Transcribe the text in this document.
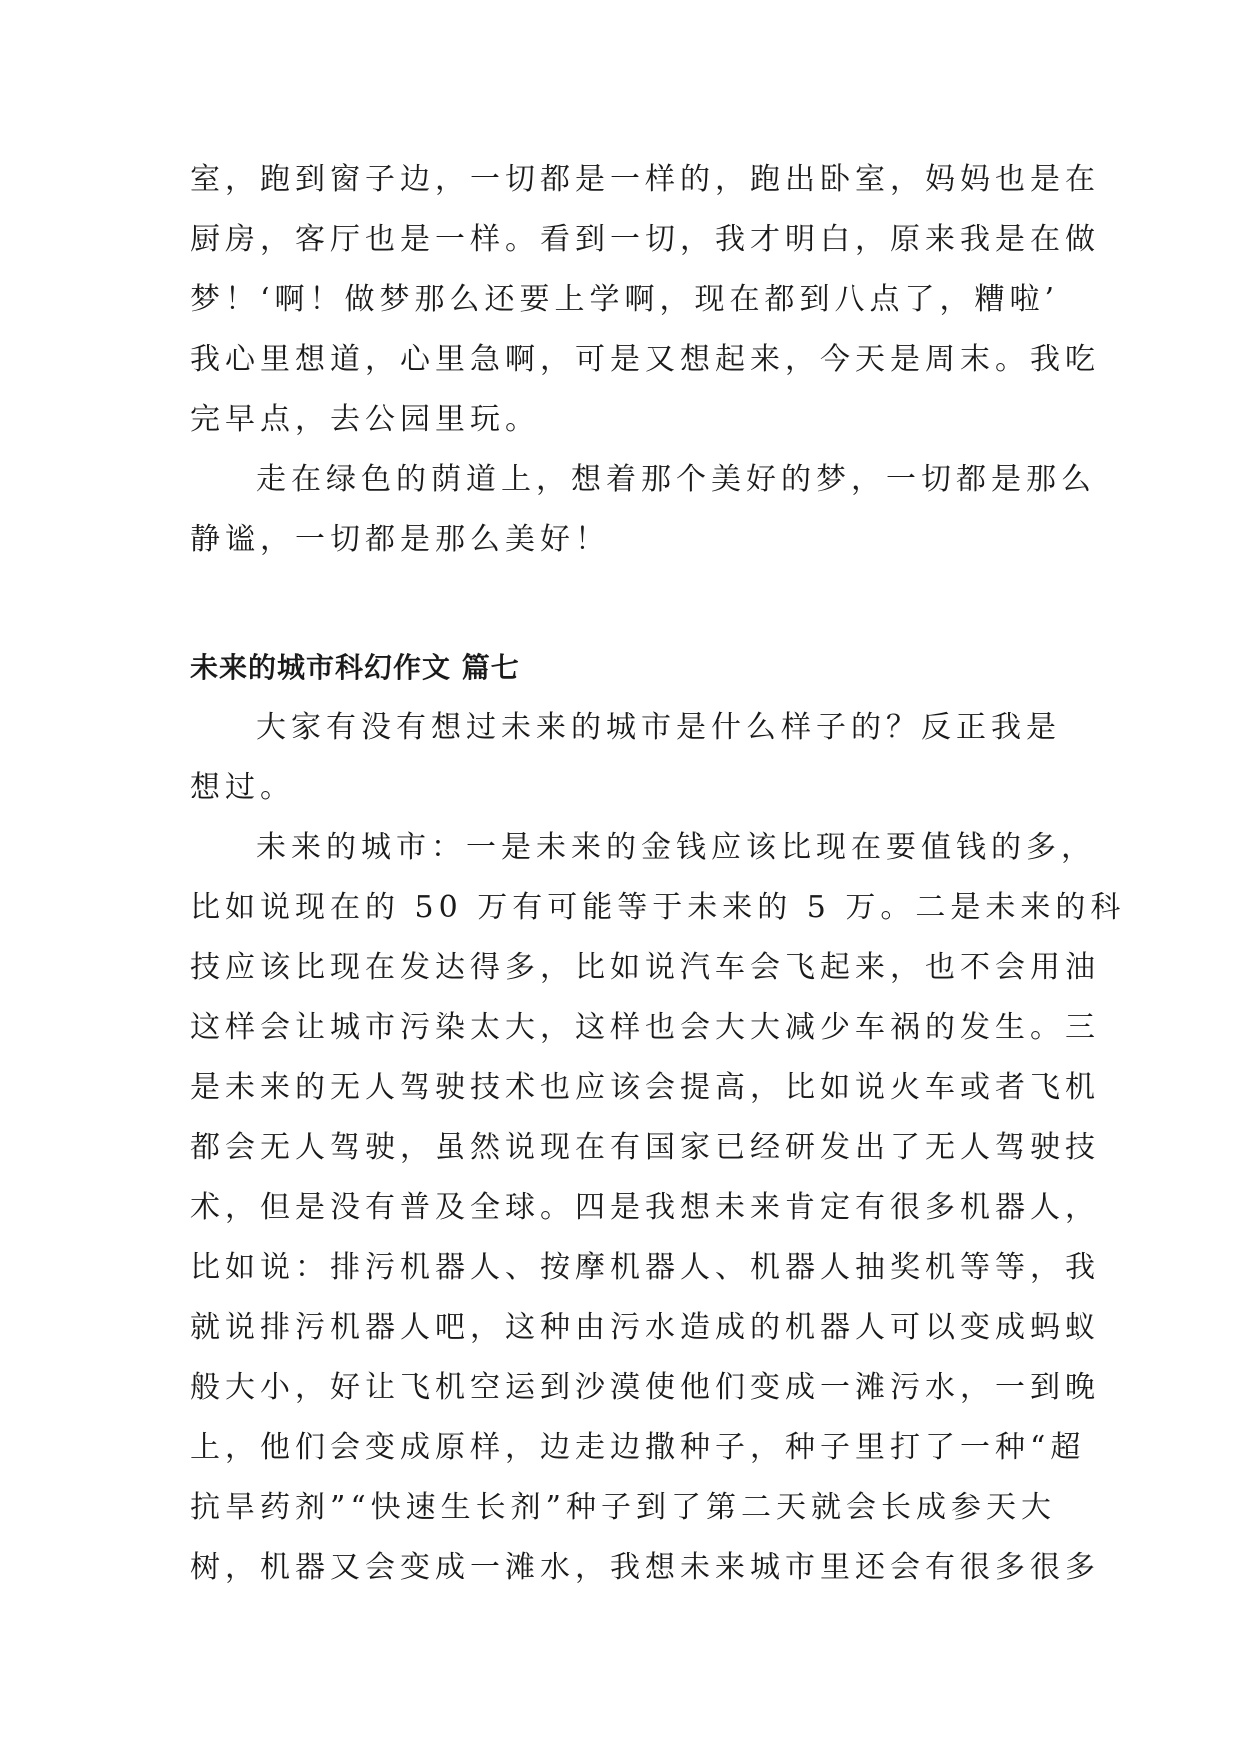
室，跑到窗子边，一切都是一样的，跑出卧室，妈妈也是在

厨房，客厅也是一样。看到一切，我才明白，原来我是在做

梦！‘啊！做梦那么还要上学啊，现在都到八点了，糟啦’

我心里想道，心里急啊，可是又想起来，今天是周末。我吃

完早点，去公园里玩。

走在绿色的荫道上，想着那个美好的梦，一切都是那么

静谧，一切都是那么美好！

未来的城市科幻作文 篇七

大家有没有想过未来的城市是什么样子的？反正我是

想过。

未来的城市：一是未来的金钱应该比现在要值钱的多，

比如说现在的 50 万有可能等于未来的 5 万。二是未来的科

技应该比现在发达得多，比如说汽车会飞起来，也不会用油

这样会让城市污染太大，这样也会大大减少车祸的发生。三

是未来的无人驾驶技术也应该会提高，比如说火车或者飞机

都会无人驾驶，虽然说现在有国家已经研发出了无人驾驶技

术，但是没有普及全球。四是我想未来肯定有很多机器人，

比如说：排污机器人、按摩机器人、机器人抽奖机等等，我

就说排污机器人吧，这种由污水造成的机器人可以变成蚂蚁

般大小，好让飞机空运到沙漠使他们变成一滩污水，一到晚

上，他们会变成原样，边走边撒种子，种子里打了一种“超

抗旱药剂”“快速生长剂”种子到了第二天就会长成参天大

树，机器又会变成一滩水，我想未来城市里还会有很多很多
